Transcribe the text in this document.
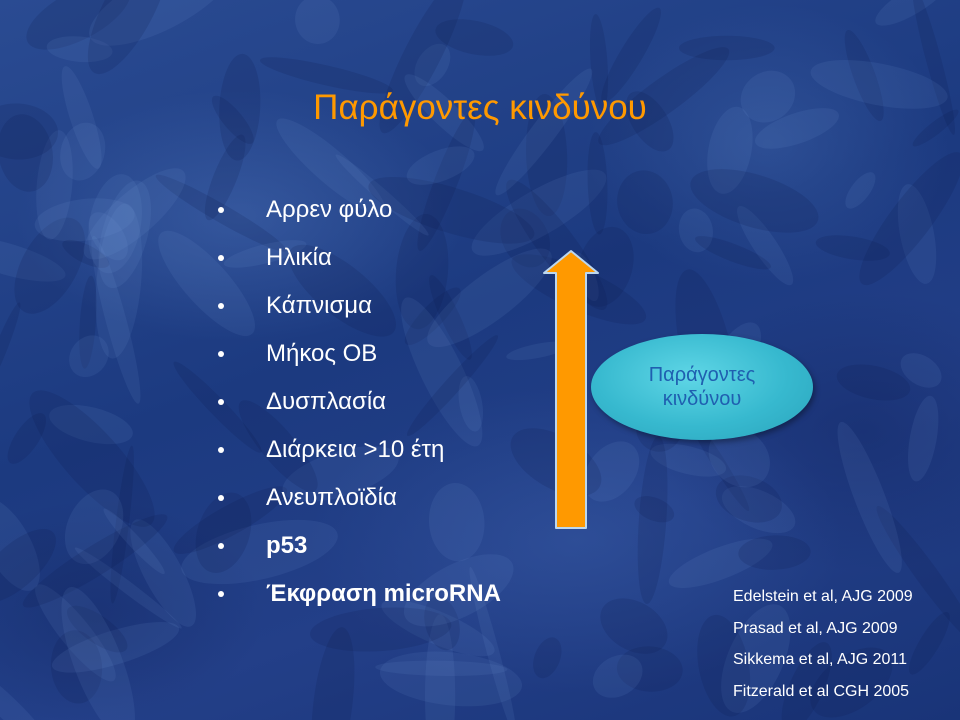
Παράγοντες κινδύνου
Αρρεν φύλο
Ηλικία
Κάπνισμα
Μήκος ΟΒ
Δυσπλασία
Διάρκεια >10 έτη
Ανευπλοϊδία
p53
Έκφραση microRNA
Παράγοντες κινδύνου
Edelstein et al, AJG 2009
Prasad et al, AJG 2009
Sikkema et al, AJG 2011
Fitzerald et al CGH 2005
